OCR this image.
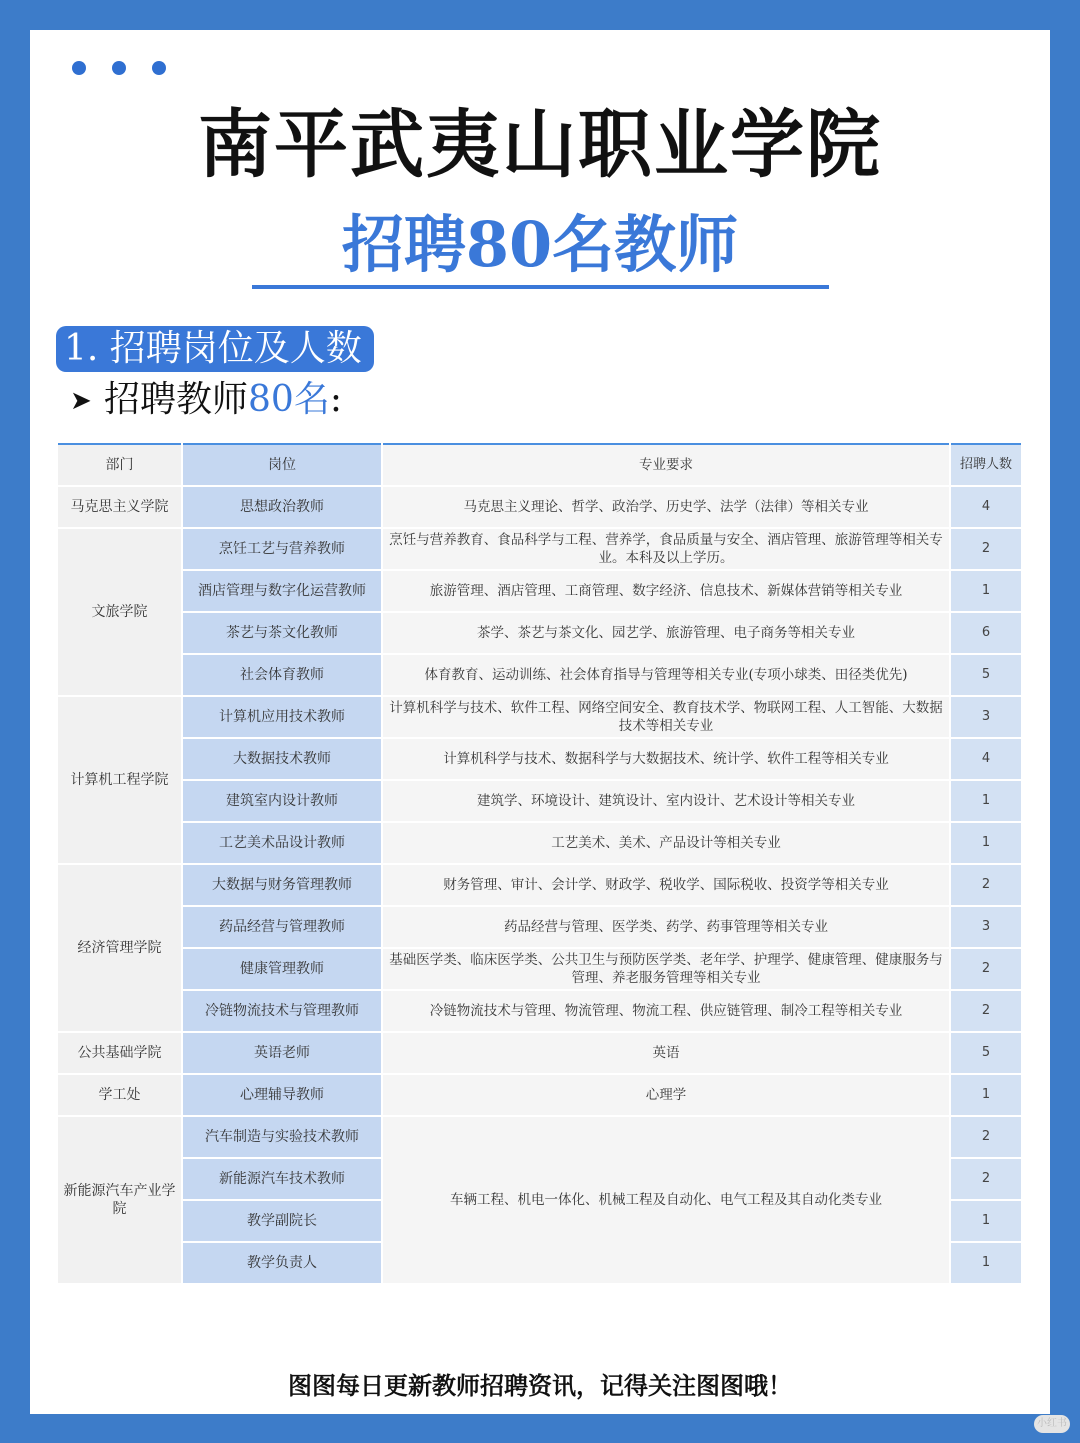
南平武夷山职业学院
招聘80名教师
1. 招聘岗位及人数
➤ 招聘教师80名:
部门	岗位	专业要求	招聘人数
马克思主义学院	思想政治教师	马克思主义理论、哲学、政治学、历史学、法学（法律）等相关专业	4
文旅学院	烹饪工艺与营养教师	烹饪与营养教育、食品科学与工程、营养学，食品质量与安全、酒店管理、旅游管理等相关专业。本科及以上学历。	2
	酒店管理与数字化运营教师	旅游管理、酒店管理、工商管理、数字经济、信息技术、新媒体营销等相关专业	1
	茶艺与茶文化教师	茶学、茶艺与茶文化、园艺学、旅游管理、电子商务等相关专业	6
	社会体育教师	体育教育、运动训练、社会体育指导与管理等相关专业(专项小球类、田径类优先)	5
计算机工程学院	计算机应用技术教师	计算机科学与技术、软件工程、网络空间安全、教育技术学、物联网工程、人工智能、大数据技术等相关专业	3
	大数据技术教师	计算机科学与技术、数据科学与大数据技术、统计学、软件工程等相关专业	4
	建筑室内设计教师	建筑学、环境设计、建筑设计、室内设计、艺术设计等相关专业	1
	工艺美术品设计教师	工艺美术、美术、产品设计等相关专业	1
经济管理学院	大数据与财务管理教师	财务管理、审计、会计学、财政学、税收学、国际税收、投资学等相关专业	2
	药品经营与管理教师	药品经营与管理、医学类、药学、药事管理等相关专业	3
	健康管理教师	基础医学类、临床医学类、公共卫生与预防医学类、老年学、护理学、健康管理、健康服务与管理、养老服务管理等相关专业	2
	冷链物流技术与管理教师	冷链物流技术与管理、物流管理、物流工程、供应链管理、制冷工程等相关专业	2
公共基础学院	英语老师	英语	5
学工处	心理辅导教师	心理学	1
新能源汽车产业学院	汽车制造与实验技术教师	车辆工程、机电一体化、机械工程及自动化、电气工程及其自动化类专业	2
	新能源汽车技术教师		2
	教学副院长		1
	教学负责人		1
图图每日更新教师招聘资讯，记得关注图图哦！
小红书
